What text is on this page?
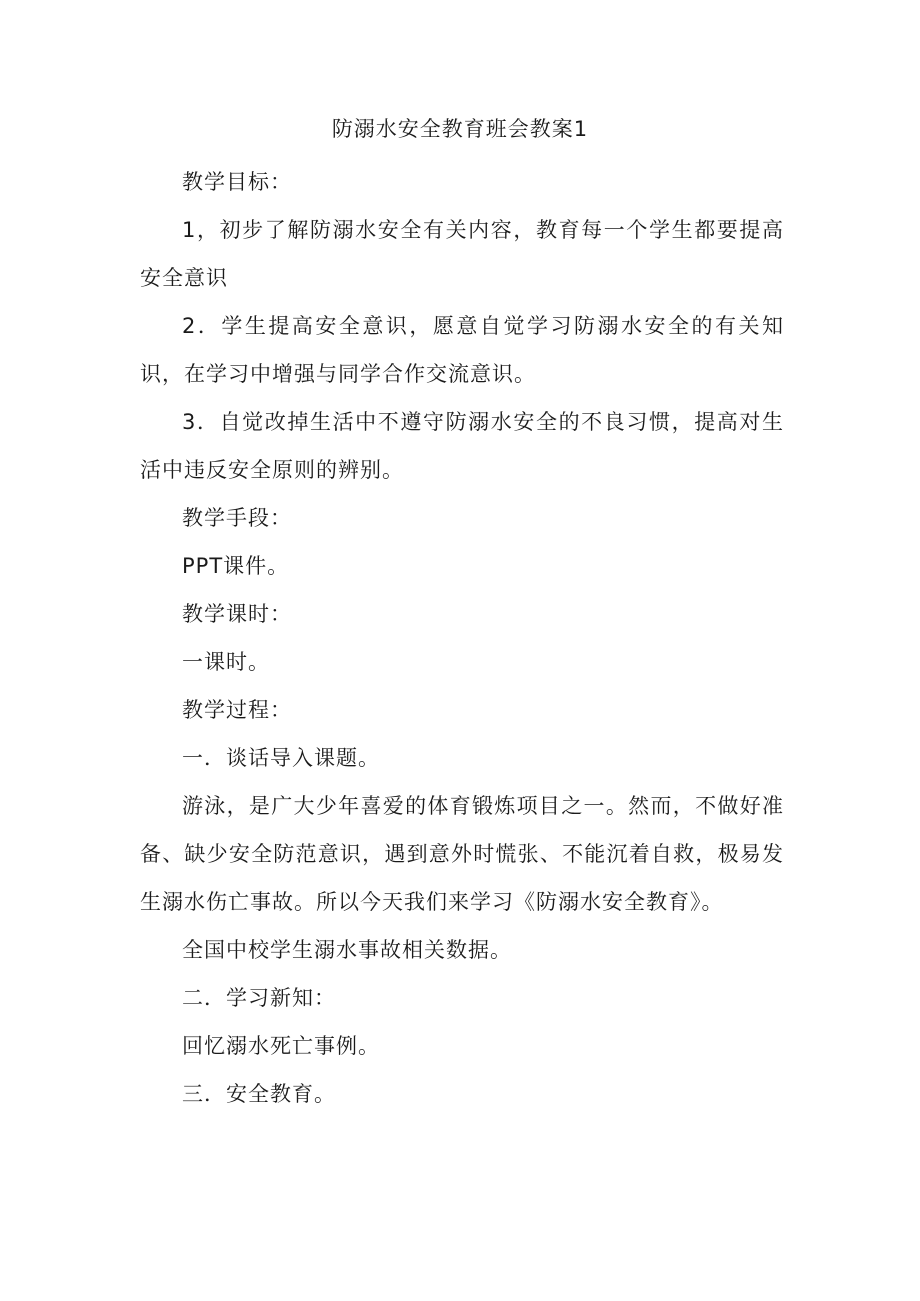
防溺水安全教育班会教案1

教学目标：

1，初步了解防溺水安全有关内容，教育每一个学生都要提高安全意识

2．学生提高安全意识，愿意自觉学习防溺水安全的有关知识，在学习中增强与同学合作交流意识。

3．自觉改掉生活中不遵守防溺水安全的不良习惯，提高对生活中违反安全原则的辨别。

教学手段：

PPT课件。

教学课时：

一课时。

教学过程：

一．谈话导入课题。

游泳，是广大少年喜爱的体育锻炼项目之一。然而，不做好准备、缺少安全防范意识，遇到意外时慌张、不能沉着自救，极易发生溺水伤亡事故。所以今天我们来学习《防溺水安全教育》。

全国中校学生溺水事故相关数据。

二．学习新知：

回忆溺水死亡事例。

三．安全教育。
